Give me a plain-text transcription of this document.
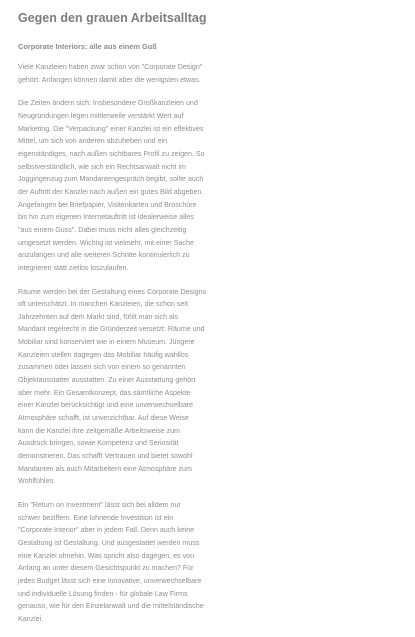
Gegen den grauen Arbeitsalltag
Corporate Interiors: alle aus einem Guß

Viele Kanzleien haben zwar schon von "Corporate Design"
gehört. Anfangen können damit aber die wenigsten etwas.

Die Zeiten ändern sich: Insbesondere Großkanzleien und
Neugründungen legen mittlerweile verstärkt Wert auf
Marketing. Die "Verpackung" einer Kanzlei ist ein effektives
Mittel, um sich von anderen abzuheben und ein
eigenständiges, nach außen sichtbares Profil zu zeigen. So
selbstverständlich, wie sich ein Rechtsanwalt nicht im
Joggingenzug zum Mandantengespräch begibt, sollte auch
der Auftritt der Kanzlei nach außen ein gutes Bild abgeben.
Angefangen bei Briefpapier, Visitenkarten und Broschüre
bis hin zum eigenen Internetauftritt ist idealerweise alles
"aus einem Guss". Dabei muss nicht alles gleichzeitig
umgesetzt werden. Wichtig ist vielmehr, mit einer Sache
anzufangen und alle weiteren Schritte kontinuierlich zu
integrieren statt ziellos loszulaufen.

Räume werden bei der Gestaltung eines Corporate Designs
oft unterschätzt. In manchen Kanzleien, die schon seit
Jahrzehnten auf dem Markt sind, fühlt man sich als
Mandant regelrecht in die Gründerzeit versetzt: Räume und
Mobiliar sind konserviert wie in einem Museum. Jüngere
Kanzleien stellen dagegen das Mobiliar häufig wahllos
zusammen oder lassen sich von einem so genannten
Objektausstatter ausstatten. Zu einer Ausstattung gehört
aber mehr. Ein Gesamtkonzept, das sämtliche Aspekte
einer Kanzlei berücksichtigt und eine unverwechselbare
Atmosphäre schafft, ist unverzichtbar. Auf diese Weise
kann die Kanzlei ihre zeitgemäße Arbeitsweise zum
Ausdruck bringen, sowie Kompetenz und Seriosität
demonstrieren. Das schafft Vertrauen und bietet sowohl
Mandanten als auch Mitarbeitern eine Atmosphäre zum
Wohlfühlen.

Ein "Return on Investment" lässt sich bei alldem nur
schwer beziffern. Eine lohnende Investition ist ein
"Corporate Interior" aber in jedem Fall. Denn auch keine
Gestaltung ist Gestaltung. Und ausgestattet werden muss
eine Kanzlei ohnehin. Was spricht also dagegen, es von
Anfang an unter diesem Gesichtspunkt zu machen? Für
jedes Budget lässt sich eine innovative, unverwechselbare
und individuelle Lösung finden - für globale Law Firms
genauso, wie für den Einzelanwalt und die mittelständische
Kanzlei.
